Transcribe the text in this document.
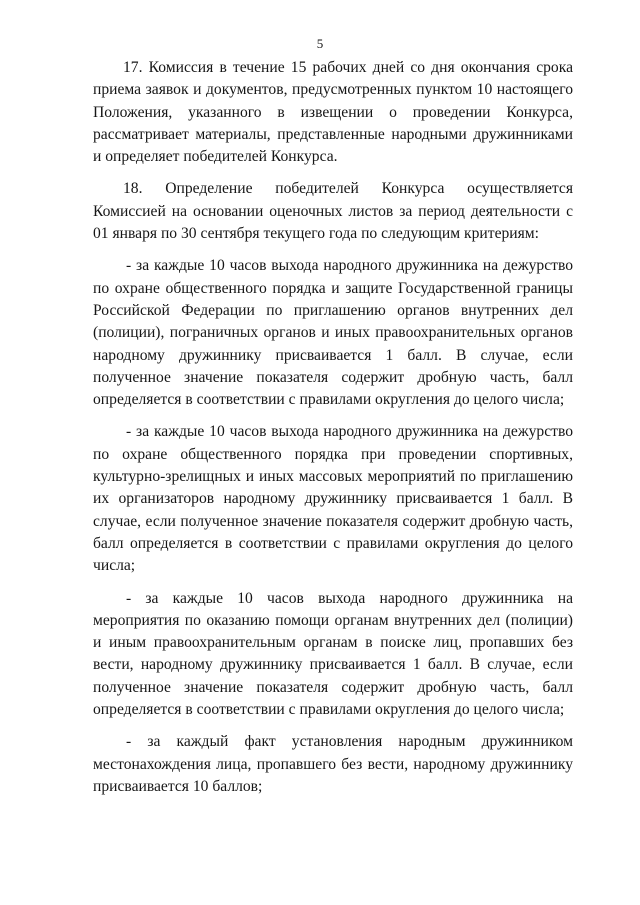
5

17. Комиссия в течение 15 рабочих дней со дня окончания срока приема заявок и документов, предусмотренных пунктом 10 настоящего Положения, указанного в извещении о проведении Конкурса, рассматривает материалы, представленные народными дружинниками и определяет победителей Конкурса.

18. Определение победителей Конкурса осуществляется Комиссией на основании оценочных листов за период деятельности с 01 января по 30 сентября текущего года по следующим критериям:

- за каждые 10 часов выхода народного дружинника на дежурство по охране общественного порядка и защите Государственной границы Российской Федерации по приглашению органов внутренних дел (полиции), пограничных органов и иных правоохранительных органов народному дружиннику присваивается 1 балл. В случае, если полученное значение показателя содержит дробную часть, балл определяется в соответствии с правилами округления до целого числа;

- за каждые 10 часов выхода народного дружинника на дежурство по охране общественного порядка при проведении спортивных, культурно-зрелищных и иных массовых мероприятий по приглашению их организаторов народному дружиннику присваивается 1 балл. В случае, если полученное значение показателя содержит дробную часть, балл определяется в соответствии с правилами округления до целого числа;

- за каждые 10 часов выхода народного дружинника на мероприятия по оказанию помощи органам внутренних дел (полиции) и иным правоохранительным органам в поиске лиц, пропавших без вести, народному дружиннику присваивается 1 балл. В случае, если полученное значение показателя содержит дробную часть, балл определяется в соответствии с правилами округления до целого числа;

- за каждый факт установления народным дружинником местонахождения лица, пропавшего без вести, народному дружиннику присваивается 10 баллов;
